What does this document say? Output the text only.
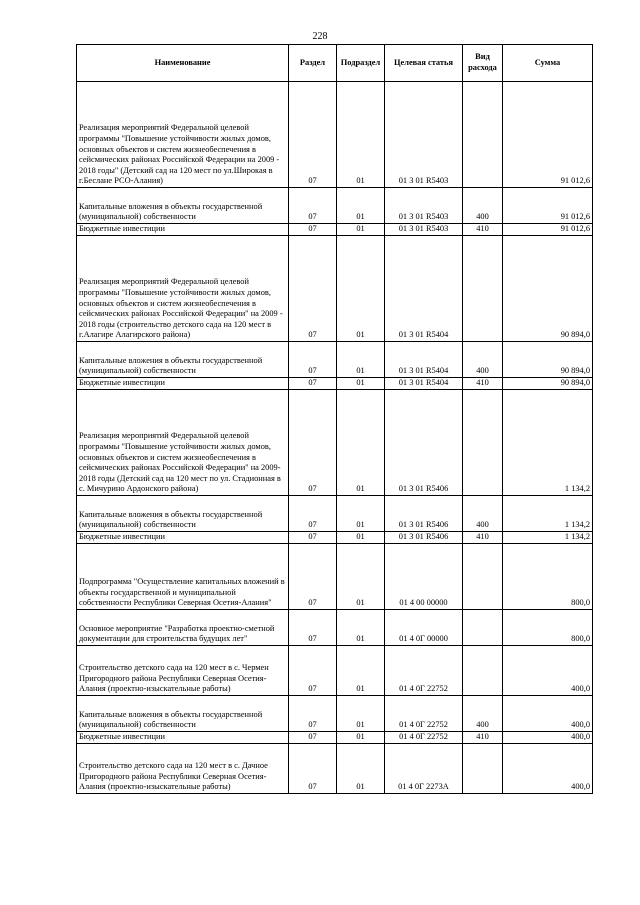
228
Наименование	Раздел	Подраздел	Целевая статья	Вид расхода	Сумма
Реализация мероприятий Федеральной целевой программы "Повышение устойчивости жилых домов, основных объектов и систем жизнеобеспечения в сейсмических районах Российской Федерации на 2009 - 2018 годы" (Детский сад на 120 мест по ул.Широкая в г.Беслане РСО-Алания)	07	01	01 3 01 R5403		91 012,6
Капитальные вложения в объекты государственной (муниципальной) собственности	07	01	01 3 01 R5403	400	91 012,6
Бюджетные инвестиции	07	01	01 3 01 R5403	410	91 012,6
Реализация мероприятий Федеральной целевой программы "Повышение устойчивости жилых домов, основных объектов и систем жизнеобеспечения в сейсмических районах Российской Федерации" на 2009 - 2018 годы (строительство детского сада на 120 мест в г.Алагире Алагирского района)	07	01	01 3 01 R5404		90 894,0
Капитальные вложения в объекты государственной (муниципальной) собственности	07	01	01 3 01 R5404	400	90 894,0
Бюджетные инвестиции	07	01	01 3 01 R5404	410	90 894,0
Реализация мероприятий Федеральной целевой программы "Повышение устойчивости жилых домов, основных объектов и систем жизнеобеспечения в сейсмических районах Российской Федерации" на 2009-2018 годы (Детский сад на 120 мест по ул. Стадионная в с. Мичурино Ардонского района)	07	01	01 3 01 R5406		1 134,2
Капитальные вложения в объекты государственной (муниципальной) собственности	07	01	01 3 01 R5406	400	1 134,2
Бюджетные инвестиции	07	01	01 3 01 R5406	410	1 134,2
Подпрограмма "Осуществление капитальных вложений в объекты государственной и муниципальной собственности Республики Северная Осетия-Алания"	07	01	01 4 00 00000		800,0
Основное мероприятие "Разработка проектно-сметной документации для строительства будущих лет"	07	01	01 4 0Г 00000		800,0
Строительство детского сада на 120 мест в с. Чермен Пригородного района Республики Северная Осетия-Алания (проектно-изыскательные работы)	07	01	01 4 0Г 22752		400,0
Капитальные вложения в объекты государственной (муниципальной) собственности	07	01	01 4 0Г 22752	400	400,0
Бюджетные инвестиции	07	01	01 4 0Г 22752	410	400,0
Строительство детского сада на 120 мест в с. Дачное Пригородного района Республики Северная Осетия-Алания (проектно-изыскательные работы)	07	01	01 4 0Г 2273А		400,0
